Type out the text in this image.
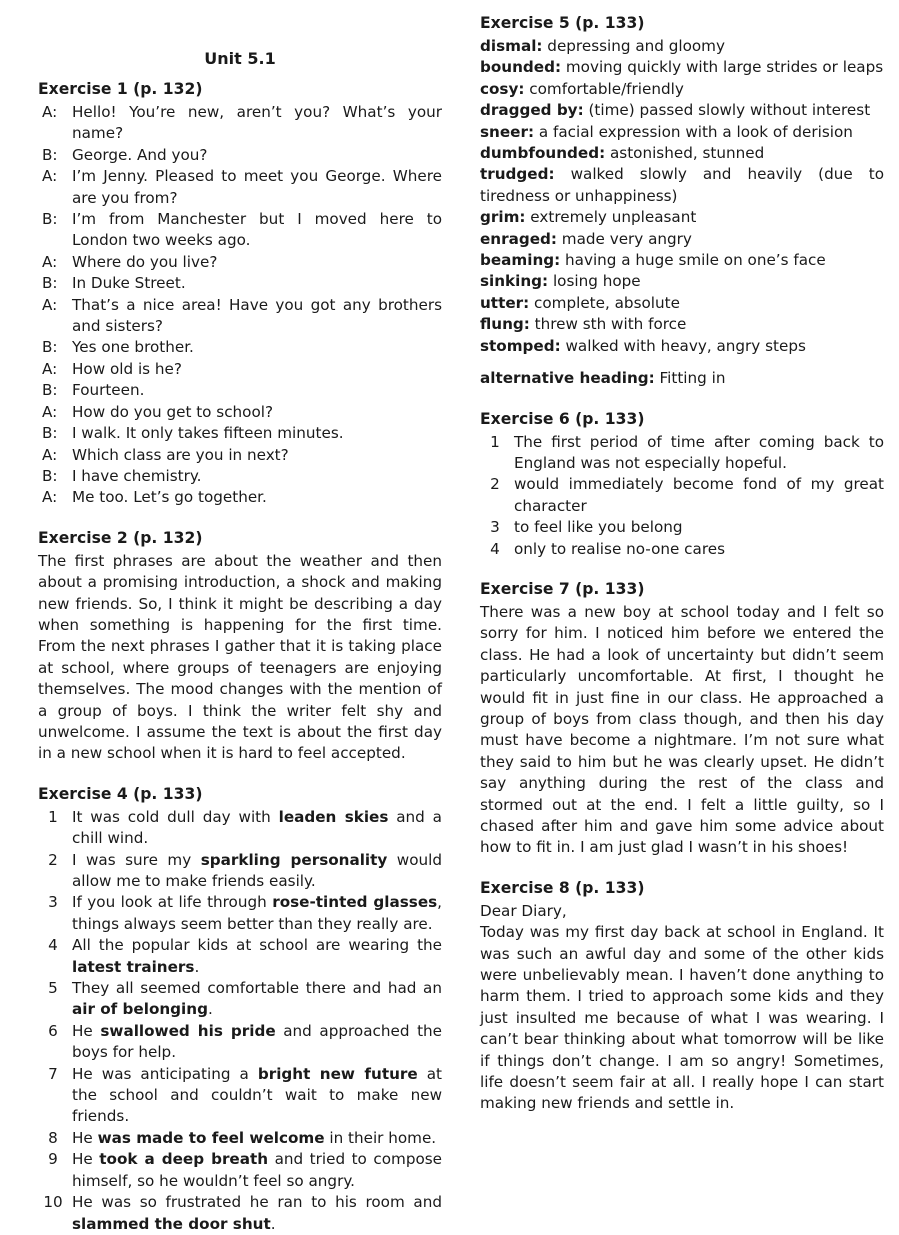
Unit 5.1
Exercise 1 (p. 132)
A: Hello! You’re new, aren’t you? What’s your name?
B: George. And you?
A: I’m Jenny. Pleased to meet you George. Where are you from?
B: I’m from Manchester but I moved here to London two weeks ago.
A: Where do you live?
B: In Duke Street.
A: That’s a nice area! Have you got any brothers and sisters?
B: Yes one brother.
A: How old is he?
B: Fourteen.
A: How do you get to school?
B: I walk. It only takes fifteen minutes.
A: Which class are you in next?
B: I have chemistry.
A: Me too. Let’s go together.
Exercise 2 (p. 132)

The first phrases are about the weather and then about a promising introduction, a shock and making new friends. So, I think it might be describing a day when something is happening for the first time. From the next phrases I gather that it is taking place at school, where groups of teenagers are enjoying themselves. The mood changes with the mention of a group of boys. I think the writer felt shy and unwelcome. I assume the text is about the first day in a new school when it is hard to feel accepted.

Exercise 4 (p. 133)
1 It was cold dull day with leaden skies and a chill wind.
2 I was sure my sparkling personality would allow me to make friends easily.
3 If you look at life through rose-tinted glasses, things always seem better than they really are.
4 All the popular kids at school are wearing the latest trainers.
5 They all seemed comfortable there and had an air of belonging.
6 He swallowed his pride and approached the boys for help.
7 He was anticipating a bright new future at the school and couldn’t wait to make new friends.
8 He was made to feel welcome in their home.
9 He took a deep breath and tried to compose himself, so he wouldn’t feel so angry.
10 He was so frustrated he ran to his room and slammed the door shut.
Exercise 5 (p. 133)
dismal: depressing and gloomy
bounded: moving quickly with large strides or leaps
cosy: comfortable/friendly
dragged by: (time) passed slowly without interest
sneer: a facial expression with a look of derision
dumbfounded: astonished, stunned
trudged: walked slowly and heavily (due to tiredness or unhappiness)
grim: extremely unpleasant
enraged: made very angry
beaming: having a huge smile on one’s face
sinking: losing hope
utter: complete, absolute
flung: threw sth with force
stomped: walked with heavy, angry steps

alternative heading: Fitting in

Exercise 6 (p. 133)
1 The first period of time after coming back to England was not especially hopeful.
2 would immediately become fond of my great character
3 to feel like you belong
4 only to realise no-one cares
Exercise 7 (p. 133)

There was a new boy at school today and I felt so sorry for him. I noticed him before we entered the class. He had a look of uncertainty but didn’t seem particularly uncomfortable. At first, I thought he would fit in just fine in our class. He approached a group of boys from class though, and then his day must have become a nightmare. I’m not sure what they said to him but he was clearly upset. He didn’t say anything during the rest of the class and stormed out at the end. I felt a little guilty, so I chased after him and gave him some advice about how to fit in. I am just glad I wasn’t in his shoes!

Exercise 8 (p. 133)

Dear Diary,

Today was my first day back at school in England. It was such an awful day and some of the other kids were unbelievably mean. I haven’t done anything to harm them. I tried to approach some kids and they just insulted me because of what I was wearing. I can’t bear thinking about what tomorrow will be like if things don’t change. I am so angry! Sometimes, life doesn’t seem fair at all. I really hope I can start making new friends and settle in.
